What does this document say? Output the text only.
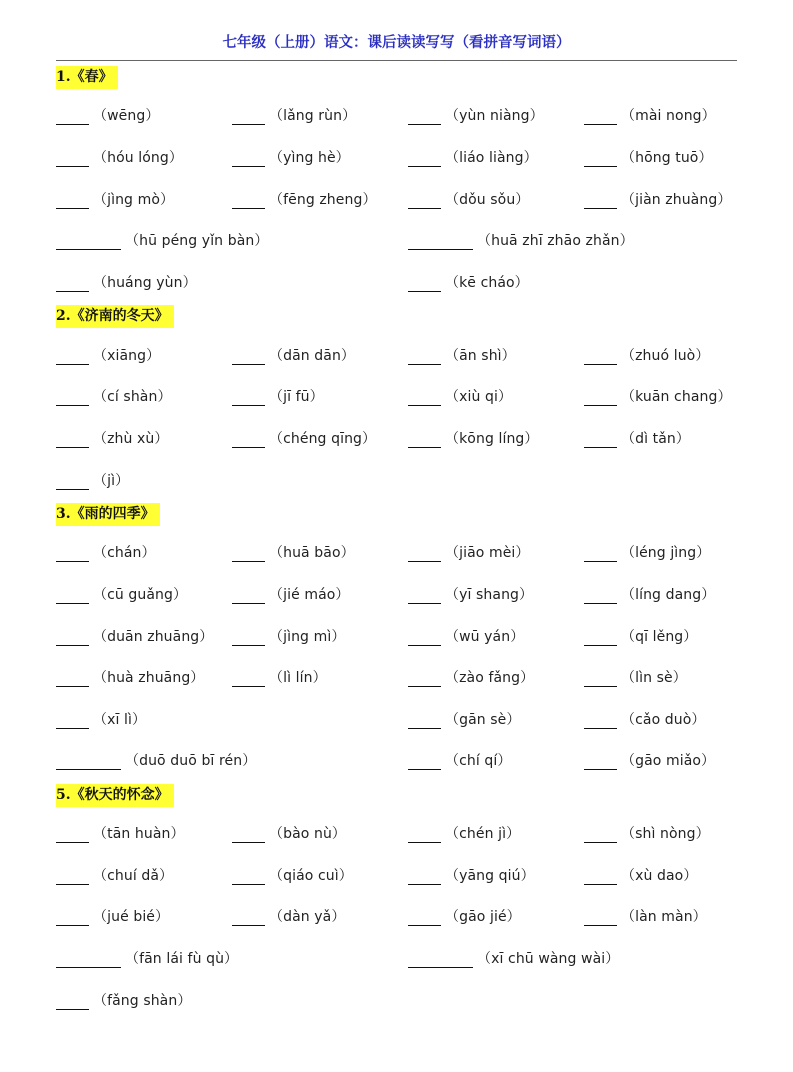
七年级（上册）语文：课后读读写写（看拼音写词语）
1.《春》
（wēng）	（lǎng rùn）	（yùn niàng）	（mài nong）
（hóu lóng）	（yìng hè）	（liáo liàng）	（hōng tuō）
（jìng mò）	（fēng zheng）	（dǒu sǒu）	（jiàn zhuàng）
（hū péng yǐn bàn）	（huā zhī zhāo zhǎn）
（huáng yùn）	（kē cháo）
2.《济南的冬天》
（xiāng）	（dān dān）	（ān shì）	（zhuó luò）
（cí shàn）	（jī fū）	（xiù qi）	（kuān chang）
（zhù xù）	（chéng qīng）	（kōng líng）	（dì tǎn）
（jì）
3.《雨的四季》
（chán）	（huā bāo）	（jiāo mèi）	（léng jìng）
（cū guǎng）	（jié máo）	（yī shang）	（líng dang）
（duān zhuāng）	（jìng mì）	（wū yán）	（qī lěng）
（huà zhuāng）	（lì lín）	（zào fǎng）	（lìn sè）
（xī lì）	（gān sè）	（cǎo duò）
（duō duō bī rén）	（chí qí）	（gāo miǎo）
5.《秋天的怀念》
（tān huàn）	（bào nù）	（chén jì）	（shì nòng）
（chuí dǎ）	（qiáo cuì）	（yāng qiú）	（xù dao）
（jué bié）	（dàn yǎ）	（gāo jié）	（làn màn）
（fān lái fù qù）	（xī chū wàng wài）
（fǎng shàn）
